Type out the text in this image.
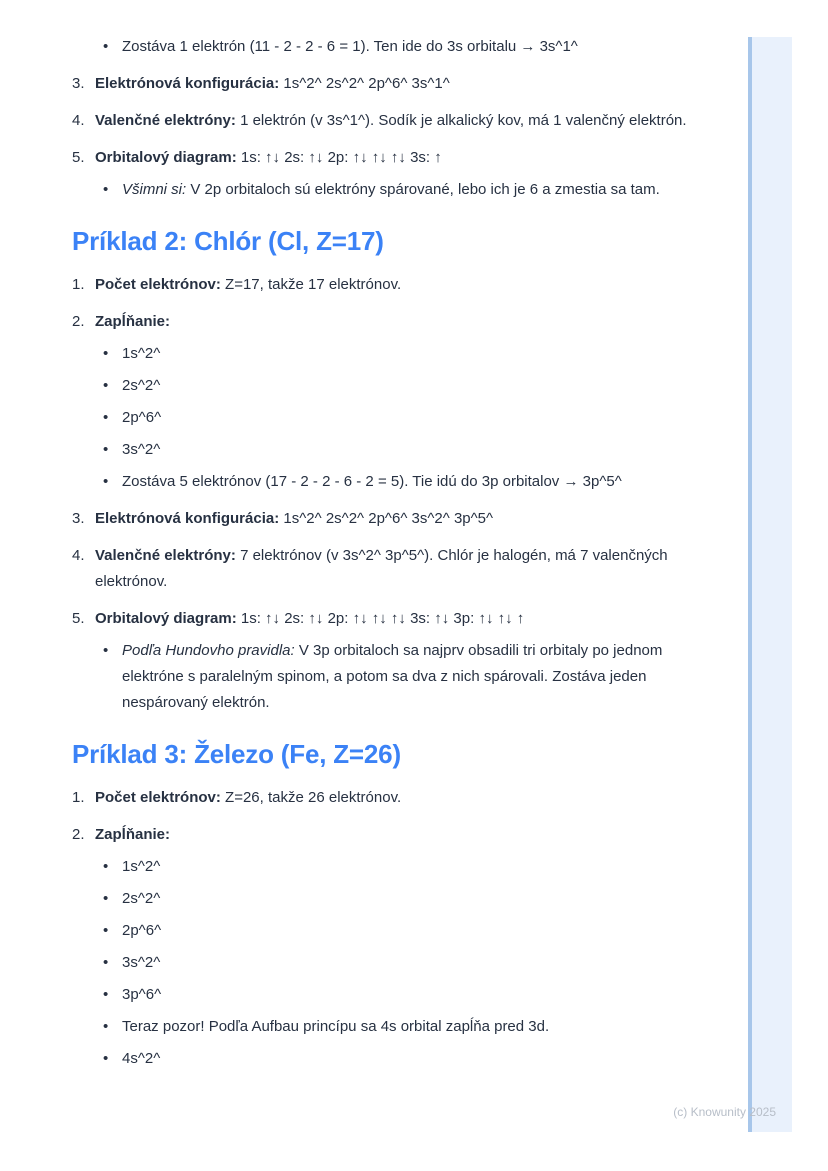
• Zostáva 1 elektrón (11 - 2 - 2 - 6 = 1). Ten ide do 3s orbitalu → 3s^1^
3. Elektrónová konfigurácia: 1s^2^ 2s^2^ 2p^6^ 3s^1^
4. Valenčné elektróny: 1 elektrón (v 3s^1^). Sodík je alkalický kov, má 1 valenčný elektrón.
5. Orbitalový diagram: 1s: ↑↓ 2s: ↑↓ 2p: ↑↓ ↑↓ ↑↓ 3s: ↑
• Všimni si: V 2p orbitaloch sú elektróny spárované, lebo ich je 6 a zmestia sa tam.
Príklad 2: Chlór (Cl, Z=17)
1. Počet elektrónov: Z=17, takže 17 elektrónov.
2. Zapĺňanie:
• 1s^2^
• 2s^2^
• 2p^6^
• 3s^2^
• Zostáva 5 elektrónov (17 - 2 - 2 - 6 - 2 = 5). Tie idú do 3p orbitalov → 3p^5^
3. Elektrónová konfigurácia: 1s^2^ 2s^2^ 2p^6^ 3s^2^ 3p^5^
4. Valenčné elektróny: 7 elektrónov (v 3s^2^ 3p^5^). Chlór je halogén, má 7 valenčných elektrónov.
5. Orbitalový diagram: 1s: ↑↓ 2s: ↑↓ 2p: ↑↓ ↑↓ ↑↓ 3s: ↑↓ 3p: ↑↓ ↑↓ ↑
• Podľa Hundovho pravidla: V 3p orbitaloch sa najprv obsadili tri orbitaly po jednom elektróne s paralelným spinom, a potom sa dva z nich spárovali. Zostáva jeden nespárovaný elektrón.
Príklad 3: Železo (Fe, Z=26)
1. Počet elektrónov: Z=26, takže 26 elektrónov.
2. Zapĺňanie:
• 1s^2^
• 2s^2^
• 2p^6^
• 3s^2^
• 3p^6^
• Teraz pozor! Podľa Aufbau princípu sa 4s orbital zapĺňa pred 3d.
• 4s^2^
(c) Knowunity 2025
